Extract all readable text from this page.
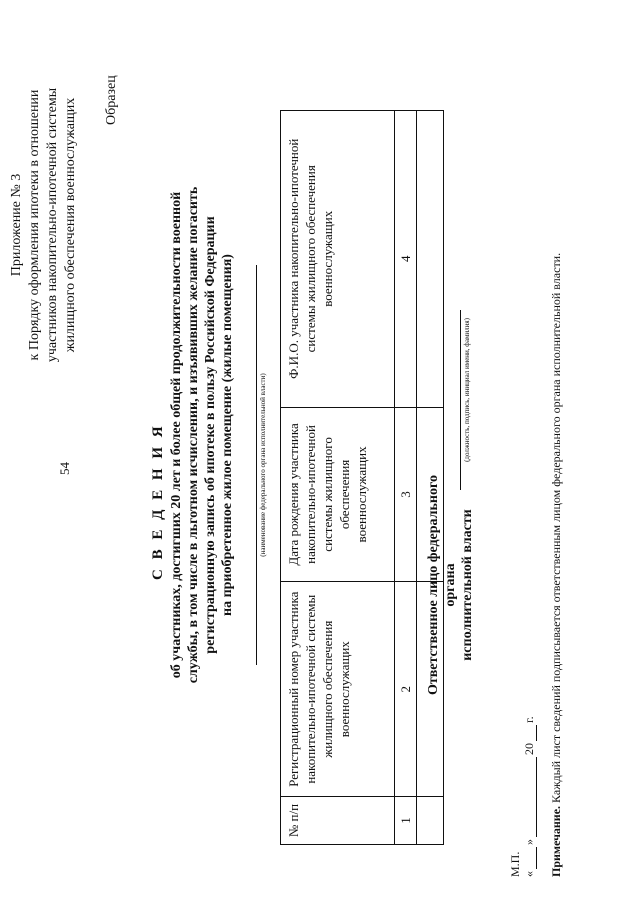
54
Приложение № 3 к Порядку оформления ипотеки в отношении участников накопительно-ипотечной системы жилищного обеспечения военнослужащих Образец
С В Е Д Е Н И Я об участниках, достигших 20 лет и более общей продолжительности военной службы, в том числе в льготном исчислении, и изъявивших желание погасить регистрационную запись об ипотеке в пользу Российской Федерации на приобретенное жилое помещение (жилые помещения)	(наименование федерального органа исполнительной власти)
№ п/п	Регистрационный номер участника накопительно-ипотечной системы жилищного обеспечения военнослужащих	Дата рождения участника накопительно-ипотечной системы жилищного обеспечения военнослужащих	Ф.И.О. участника накопительно-ипотечной системы жилищного обеспечения военнослужащих
1	2	3	4

Ответственное лицо федерального органа исполнительной власти
(должность, подпись, инициал имени, фамилия)
М.П. «
»
20
г.
Примечание. Каждый лист сведений подписывается ответственным лицом федерального органа исполнительной власти.
